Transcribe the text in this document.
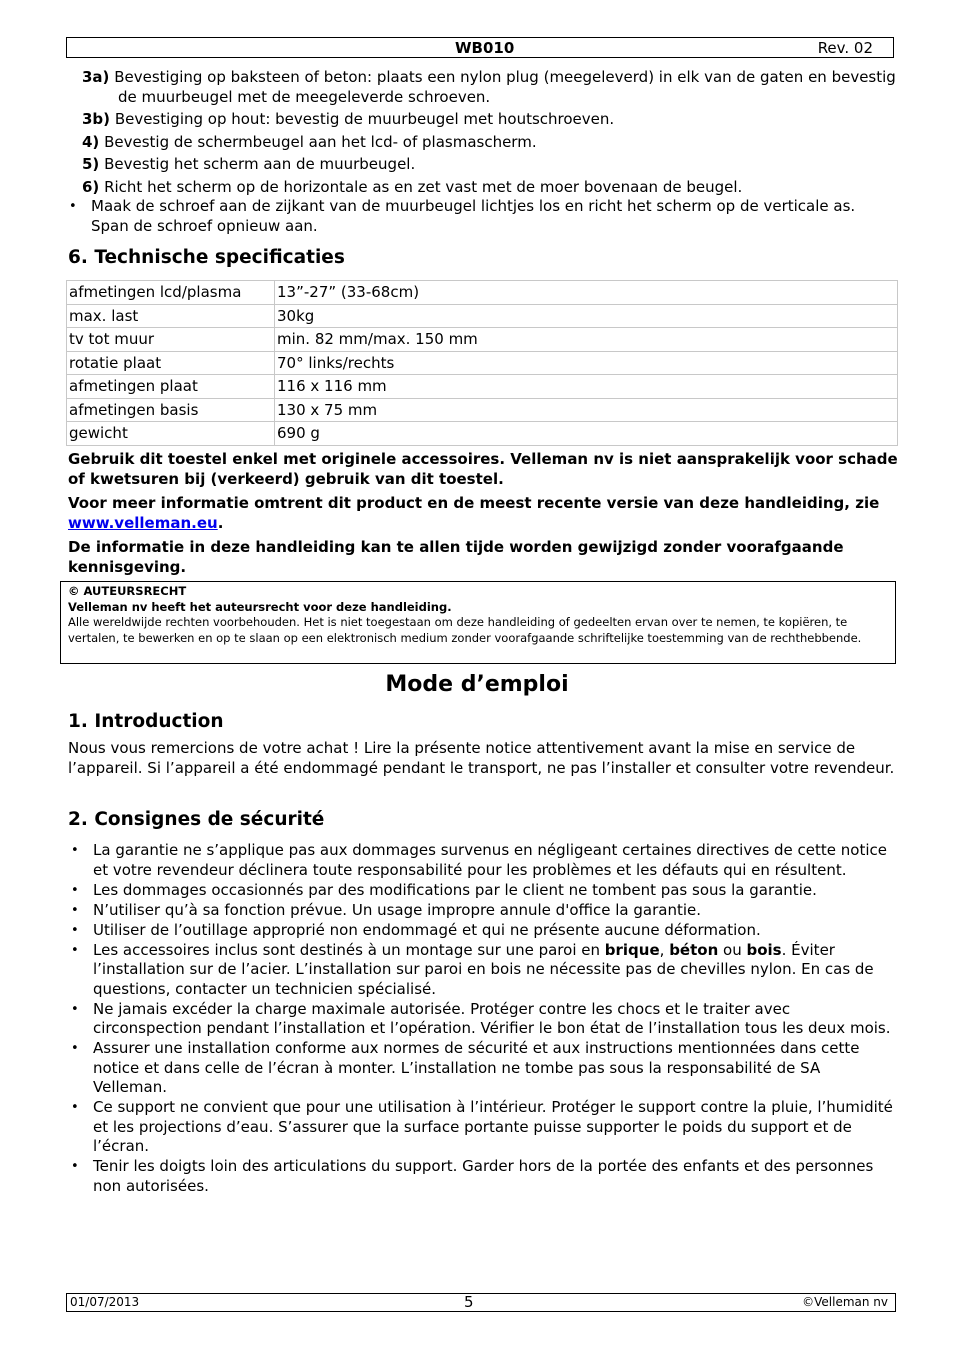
WB010	Rev. 02
3a) Bevestiging op baksteen of beton: plaats een nylon plug (meegeleverd) in elk van de gaten en bevestig de muurbeugel met de meegeleverde schroeven.
3b) Bevestiging op hout: bevestig de muurbeugel met houtschroeven.
4) Bevestig de schermbeugel aan het lcd- of plasmascherm.
5) Bevestig het scherm aan de muurbeugel.
6) Richt het scherm op de horizontale as en zet vast met de moer bovenaan de beugel.
• Maak de schroef aan de zijkant van de muurbeugel lichtjes los en richt het scherm op de verticale as. Span de schroef opnieuw aan.
6. Technische specificaties
afmetingen lcd/plasma	13”-27” (33-68cm)
max. last	30kg
tv tot muur	min. 82 mm/max. 150 mm
rotatie plaat	70° links/rechts
afmetingen plaat	116 x 116 mm
afmetingen basis	130 x 75 mm
gewicht	690 g
Gebruik dit toestel enkel met originele accessoires. Velleman nv is niet aansprakelijk voor schade of kwetsuren bij (verkeerd) gebruik van dit toestel.
Voor meer informatie omtrent dit product en de meest recente versie van deze handleiding, zie www.velleman.eu.
De informatie in deze handleiding kan te allen tijde worden gewijzigd zonder voorafgaande kennisgeving.
© AUTEURSRECHT
Velleman nv heeft het auteursrecht voor deze handleiding.
Alle wereldwijde rechten voorbehouden. Het is niet toegestaan om deze handleiding of gedeelten ervan over te nemen, te kopiëren, te vertalen, te bewerken en op te slaan op een elektronisch medium zonder voorafgaande schriftelijke toestemming van de rechthebbende.
Mode d’emploi
1. Introduction
Nous vous remercions de votre achat ! Lire la présente notice attentivement avant la mise en service de l’appareil. Si l’appareil a été endommagé pendant le transport, ne pas l’installer et consulter votre revendeur.
2. Consignes de sécurité
• La garantie ne s’applique pas aux dommages survenus en négligeant certaines directives de cette notice et votre revendeur déclinera toute responsabilité pour les problèmes et les défauts qui en résultent.
• Les dommages occasionnés par des modifications par le client ne tombent pas sous la garantie.
• N’utiliser qu’à sa fonction prévue. Un usage impropre annule d'office la garantie.
• Utiliser de l’outillage approprié non endommagé et qui ne présente aucune déformation.
• Les accessoires inclus sont destinés à un montage sur une paroi en brique, béton ou bois. Éviter l’installation sur de l’acier. L’installation sur paroi en bois ne nécessite pas de chevilles nylon. En cas de questions, contacter un technicien spécialisé.
• Ne jamais excéder la charge maximale autorisée. Protéger contre les chocs et le traiter avec circonspection pendant l’installation et l’opération. Vérifier le bon état de l’installation tous les deux mois.
• Assurer une installation conforme aux normes de sécurité et aux instructions mentionnées dans cette notice et dans celle de l’écran à monter. L’installation ne tombe pas sous la responsabilité de SA Velleman.
• Ce support ne convient que pour une utilisation à l’intérieur. Protéger le support contre la pluie, l’humidité et les projections d’eau. S’assurer que la surface portante puisse supporter le poids du support et de l’écran.
• Tenir les doigts loin des articulations du support. Garder hors de la portée des enfants et des personnes non autorisées.
01/07/2013	5	©Velleman nv
